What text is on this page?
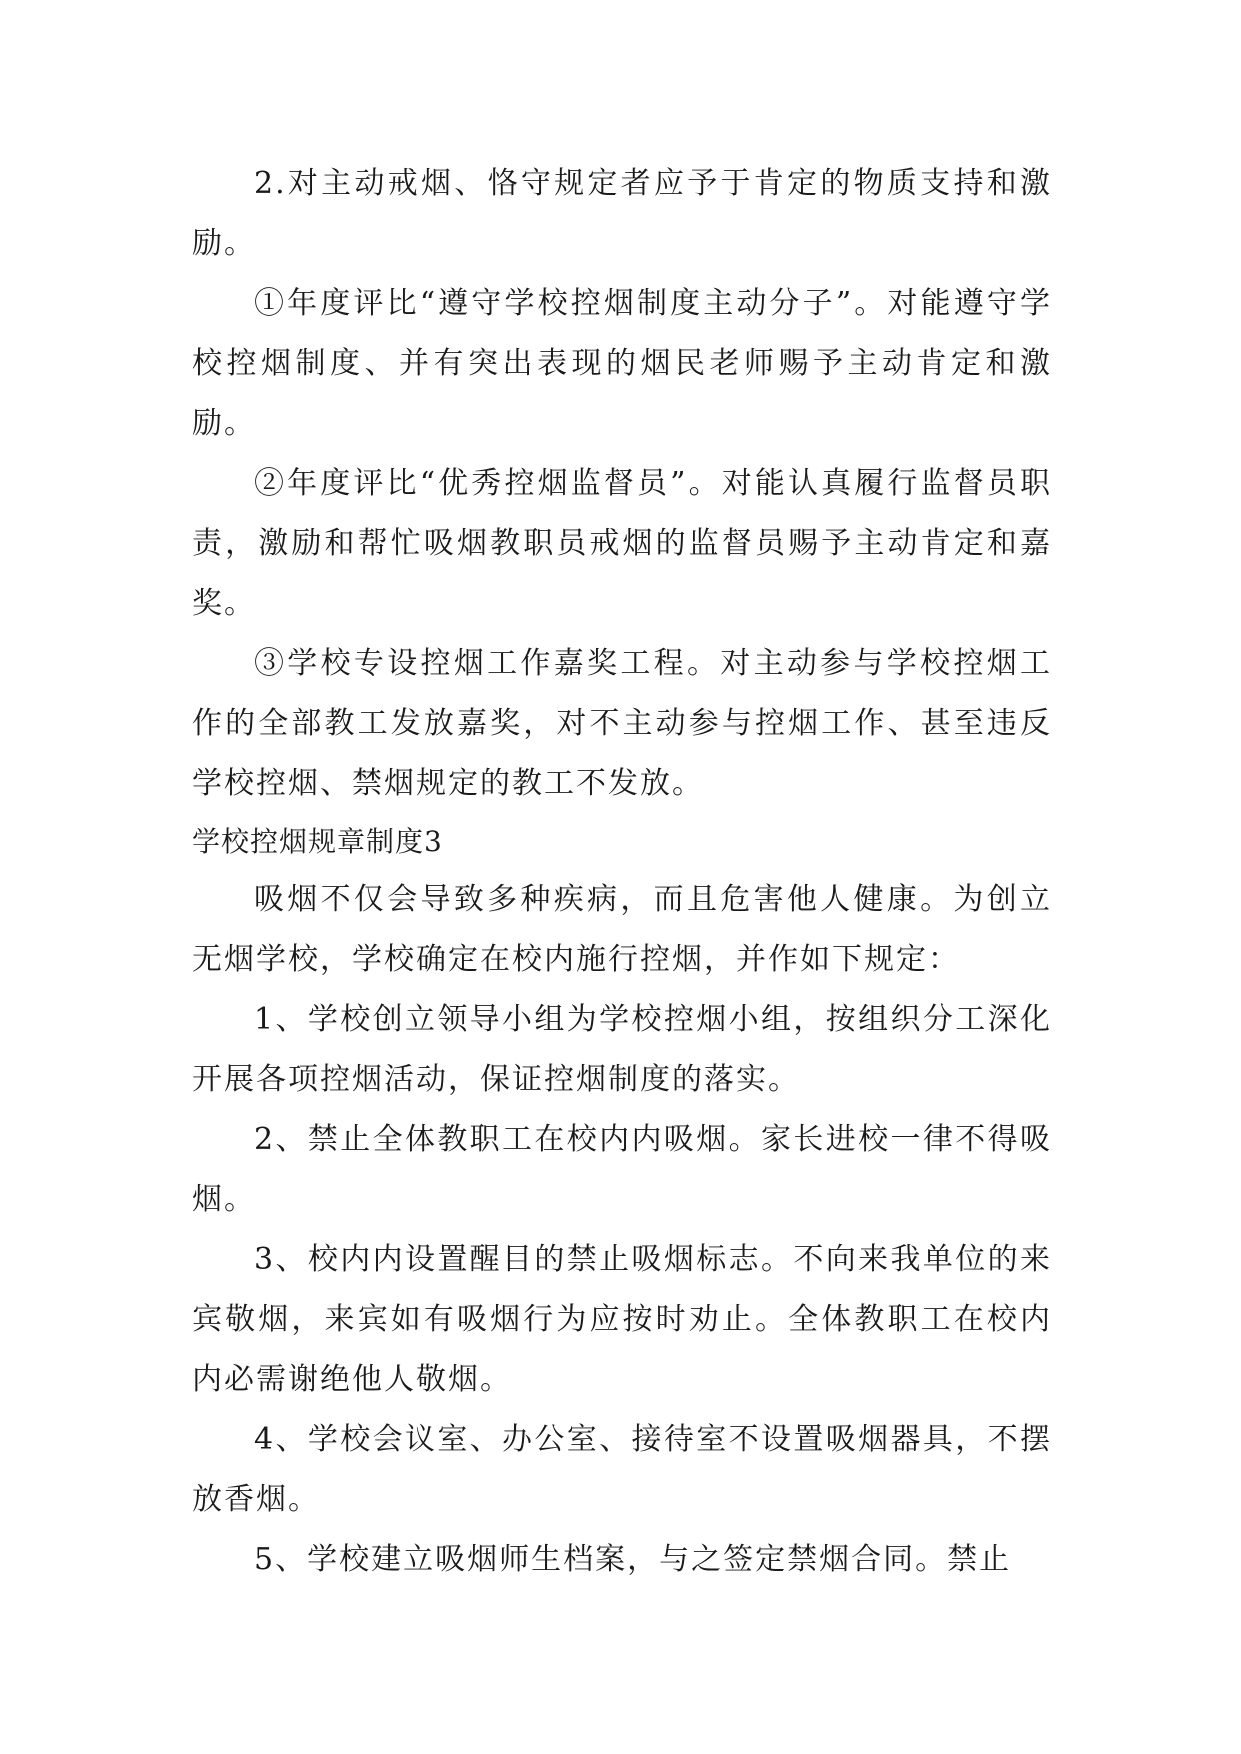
2.对主动戒烟、恪守规定者应予于肯定的物质支持和激励。

①年度评比“遵守学校控烟制度主动分子”。对能遵守学校控烟制度、并有突出表现的烟民老师赐予主动肯定和激励。

②年度评比“优秀控烟监督员”。对能认真履行监督员职责，激励和帮忙吸烟教职员戒烟的监督员赐予主动肯定和嘉奖。

③学校专设控烟工作嘉奖工程。对主动参与学校控烟工作的全部教工发放嘉奖，对不主动参与控烟工作、甚至违反学校控烟、禁烟规定的教工不发放。

学校控烟规章制度3

吸烟不仅会导致多种疾病，而且危害他人健康。为创立无烟学校，学校确定在校内施行控烟，并作如下规定：

1、学校创立领导小组为学校控烟小组，按组织分工深化开展各项控烟活动，保证控烟制度的落实。

2、禁止全体教职工在校内内吸烟。家长进校一律不得吸烟。

3、校内内设置醒目的禁止吸烟标志。不向来我单位的来宾敬烟，来宾如有吸烟行为应按时劝止。全体教职工在校内内必需谢绝他人敬烟。

4、学校会议室、办公室、接待室不设置吸烟器具，不摆放香烟。

5、学校建立吸烟师生档案，与之签定禁烟合同。禁止
